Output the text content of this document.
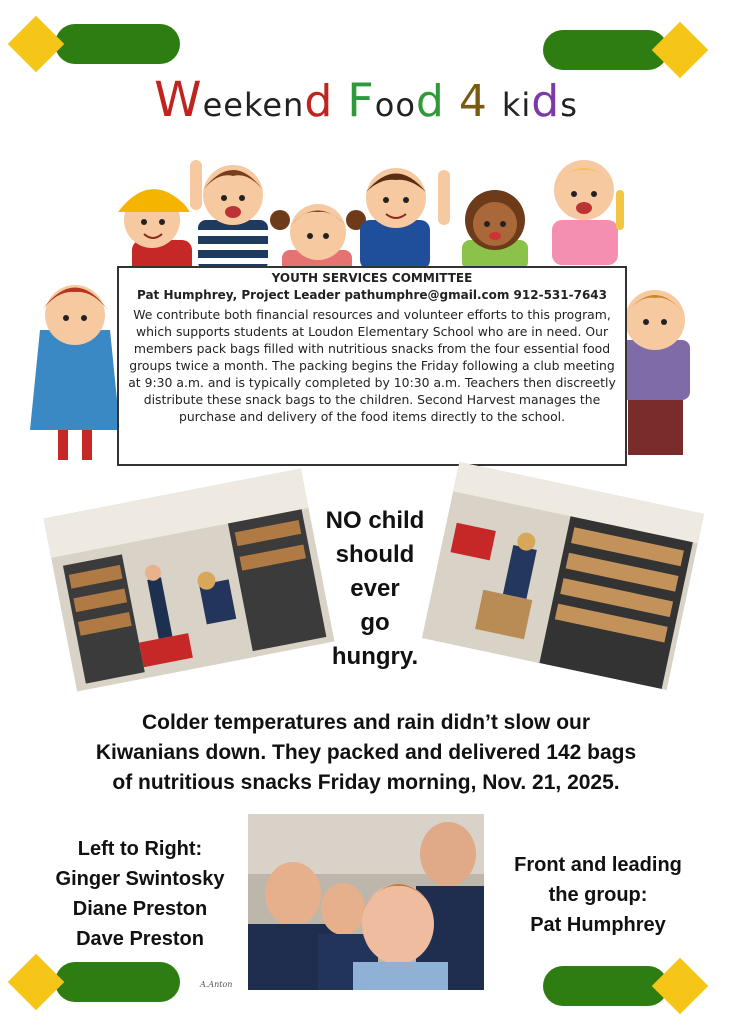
Weekend Food 4 kids
YOUTH SERVICES COMMITTEE
Pat Humphrey, Project Leader pathumphre@gmail.com 912-531-7643
We contribute both financial resources and volunteer efforts to this program, which supports students at Loudon Elementary School who are in need. Our members pack bags filled with nutritious snacks from the four essential food groups twice a month. The packing begins the Friday following a club meeting at 9:30 a.m. and is typically completed by 10:30 a.m. Teachers then discreetly distribute these snack bags to the children. Second Harvest manages the purchase and delivery of the food items directly to the school.
NO child
should
ever
go
hungry.
Colder temperatures and rain didn’t slow our
Kiwanians down. They packed and delivered 142 bags
of nutritious snacks Friday morning, Nov. 21, 2025.
Left to Right:
Ginger Swintosky
Diane Preston
Dave Preston
Front and leading
the group:
Pat Humphrey
A.Anton
